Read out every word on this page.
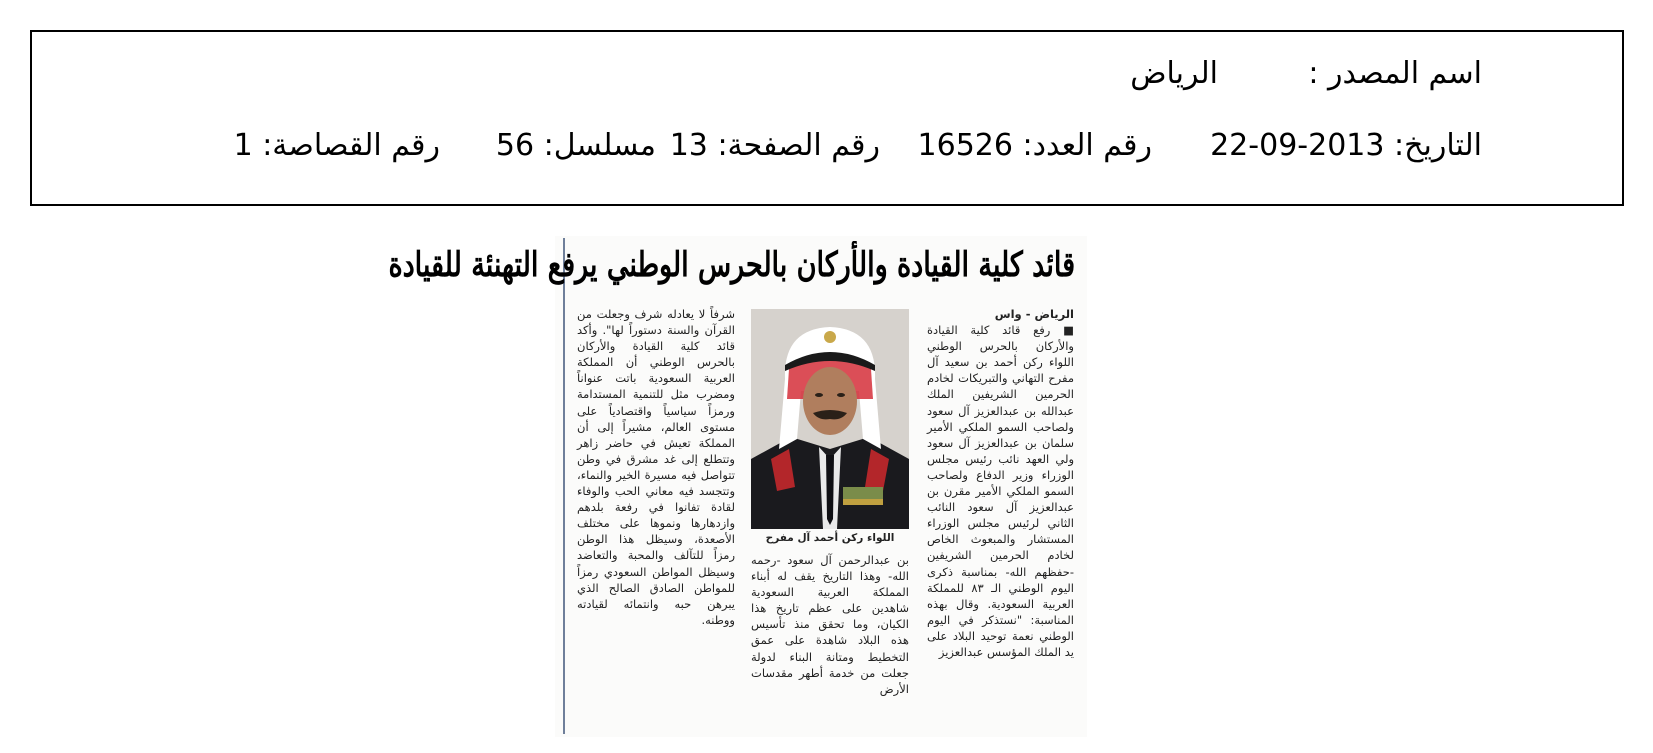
اسم المصدر :
الرياض
التاريخ: 2013-09-22
رقم العدد: 16526
رقم الصفحة: 13
مسلسل: 56
رقم القصاصة: 1
قائد كلية القيادة والأركان بالحرس الوطني يرفع التهنئة للقيادة
الرياض - واس
■ رفع قائد كلية القيادة والأركان بالحرس الوطني اللواء ركن أحمد بن سعيد آل مفرح التهاني والتبريكات لخادم الحرمين الشريفين الملك عبدالله بن عبدالعزيز آل سعود ولصاحب السمو الملكي الأمير سلمان بن عبدالعزيز آل سعود ولي العهد نائب رئيس مجلس الوزراء وزير الدفاع ولصاحب السمو الملكي الأمير مقرن بن عبدالعزيز آل سعود النائب الثاني لرئيس مجلس الوزراء المستشار والمبعوث الخاص لخادم الحرمين الشريفين -حفظهم الله- بمناسبة ذكرى اليوم الوطني الـ ٨٣ للمملكة العربية السعودية. وقال بهذه المناسبة: "نستذكر في اليوم الوطني نعمة توحيد البلاد على يد الملك المؤسس عبدالعزيز
اللواء ركن أحمد آل مفرح
بن عبدالرحمن آل سعود -رحمه الله- وهذا التاريخ يقف له أبناء المملكة العربية السعودية شاهدين على عظم تاريخ هذا الكيان، وما تحقق منذ تأسيس هذه البلاد شاهدة على عمق التخطيط ومتانة البناء لدولة جعلت من خدمة أطهر مقدسات الأرض
شرفاً لا يعادله شرف وجعلت من القرآن والسنة دستوراً لها". وأكد قائد كلية القيادة والأركان بالحرس الوطني أن المملكة العربية السعودية باتت عنواناً ومضرب مثل للتنمية المستدامة ورمزاً سياسياً واقتصادياً على مستوى العالم، مشيراً إلى أن المملكة تعيش في حاضر زاهر وتتطلع إلى غد مشرق في وطن تتواصل فيه مسيرة الخير والنماء، وتتجسد فيه معاني الحب والوفاء لقادة تفانوا في رفعة بلدهم وازدهارها ونموها على مختلف الأصعدة، وسيظل هذا الوطن رمزاً للتآلف والمحبة والتعاضد وسيظل المواطن السعودي رمزاً للمواطن الصادق الصالح الذي يبرهن حبه وانتمائه لقيادته ووطنه.
